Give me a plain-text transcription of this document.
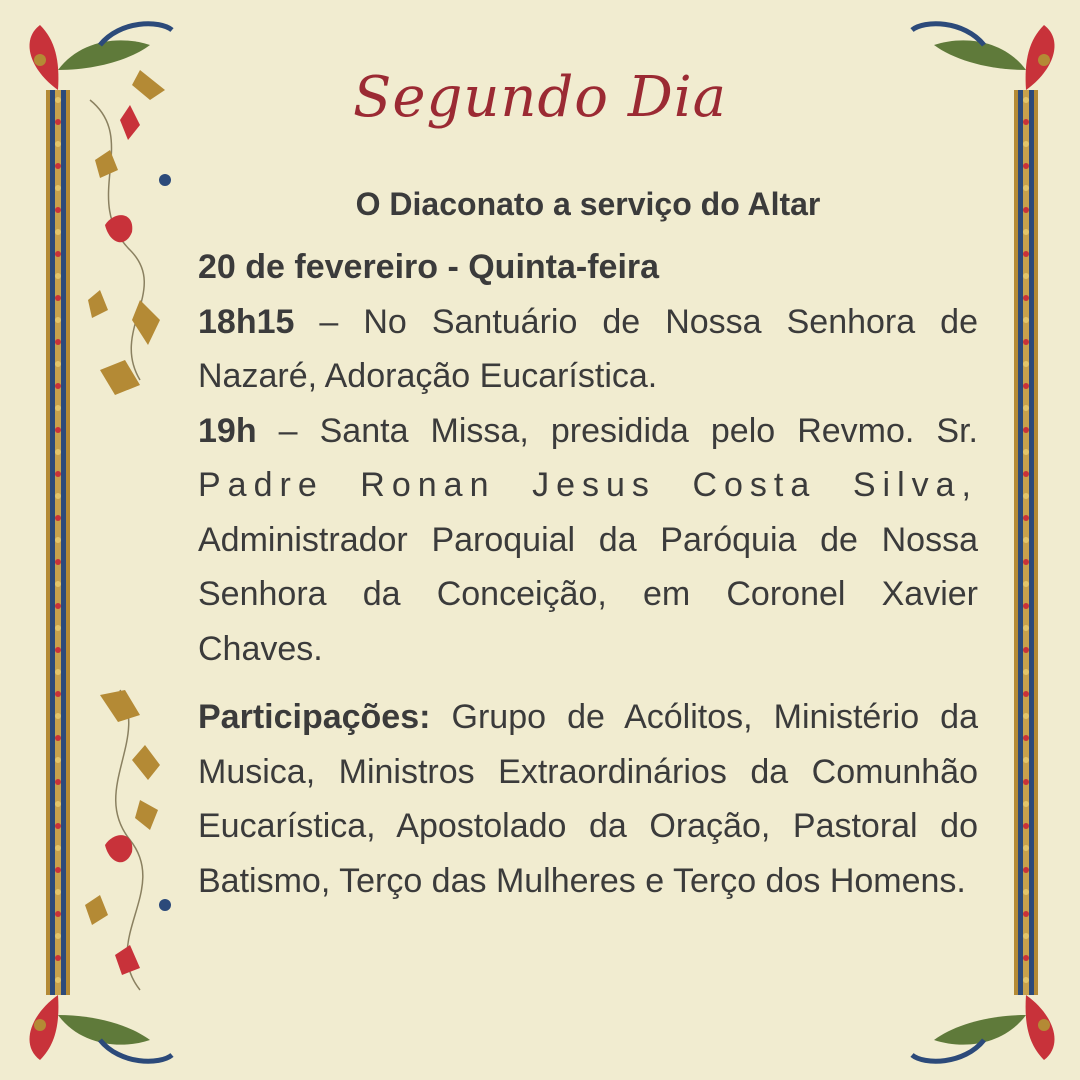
Segundo Dia
O Diaconato a serviço do Altar

20 de fevereiro - Quinta-feira

18h15 – No Santuário de Nossa Senhora de Nazaré, Adoração Eucarística.

19h – Santa Missa, presidida pelo Revmo. Sr. Padre Ronan Jesus Costa Silva, Administrador Paroquial da Paróquia de Nossa Senhora da Conceição, em Coronel Xavier Chaves.

Participações: Grupo de Acólitos, Ministério da Musica, Ministros Extraordinários da Comunhão Eucarística, Apostolado da Oração, Pastoral do Batismo, Terço das Mulheres e Terço dos Homens.
